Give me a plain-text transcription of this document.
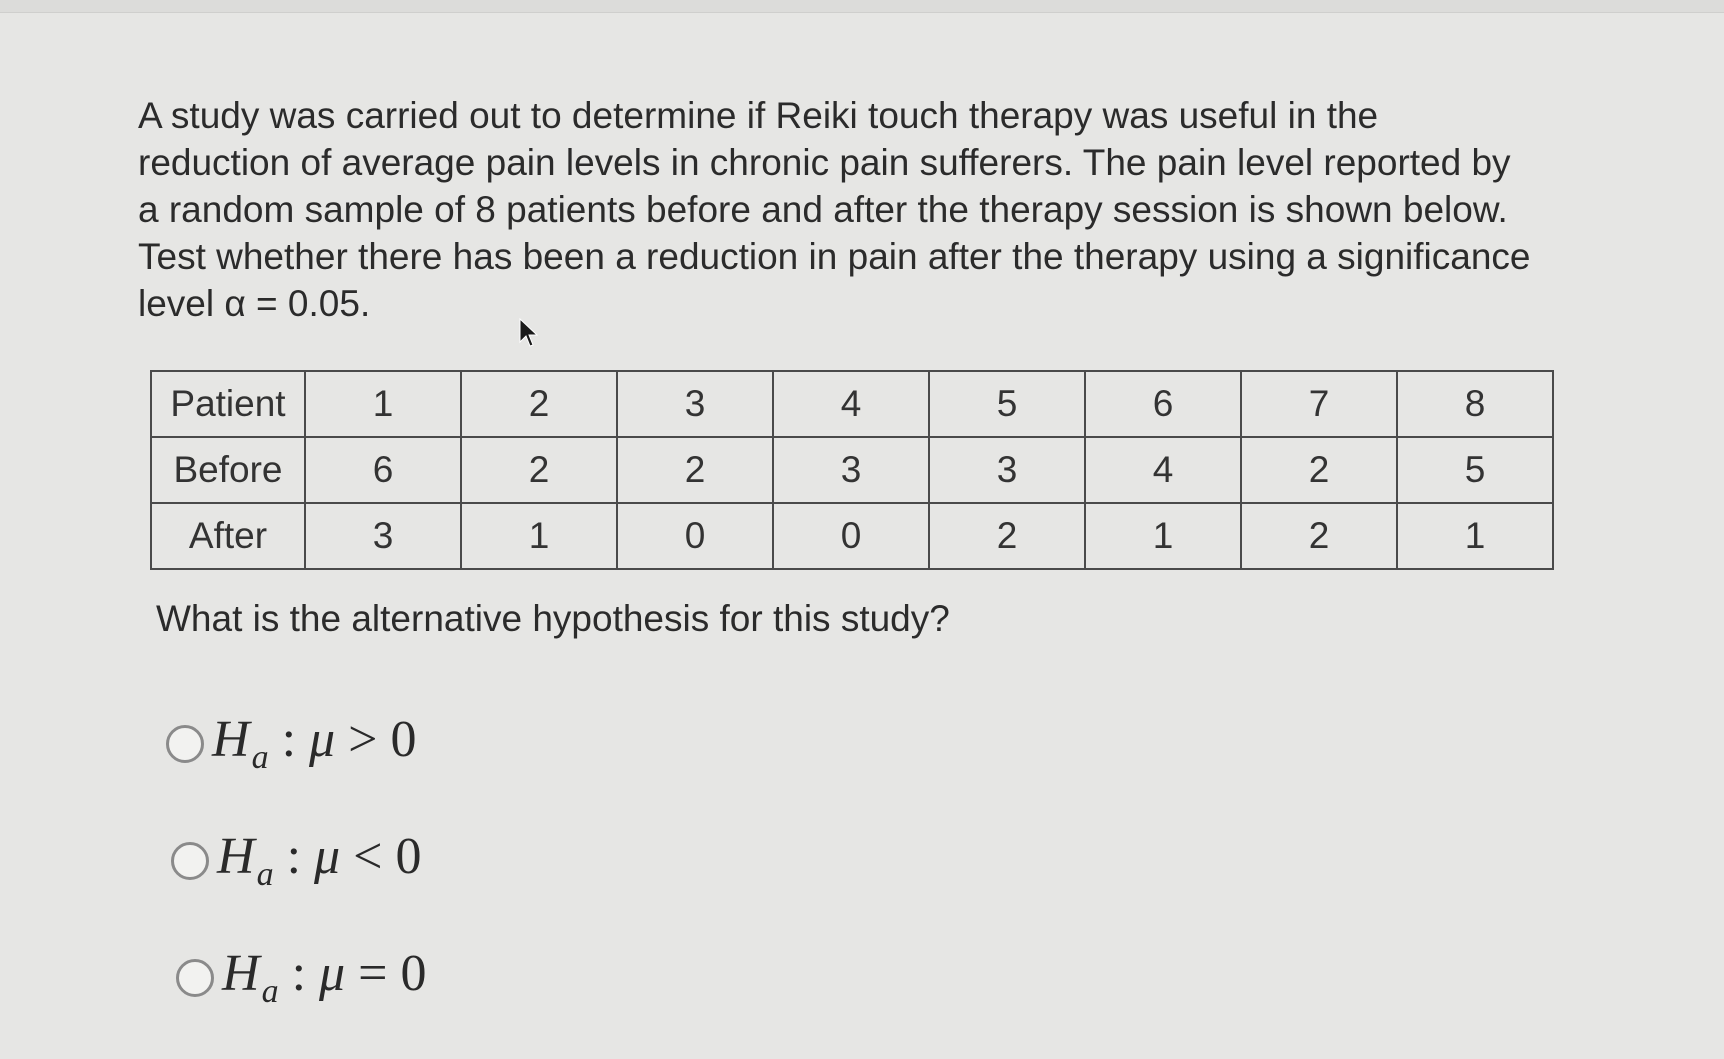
A study was carried out to determine if Reiki touch therapy was useful in the
reduction of average pain levels in chronic pain sufferers. The pain level reported by
a random sample of 8 patients before and after the therapy session is shown below.
Test whether there has been a reduction in pain after the therapy using a significance
level α = 0.05.
Patient	1	2	3	4	5	6	7	8
Before	6	2	2	3	3	4	2	5
After	3	1	0	0	2	1	2	1
What is the alternative hypothesis for this study?
$H_a$ : μ > 0
$H_a$ : μ < 0
$H_a$ : μ = 0
